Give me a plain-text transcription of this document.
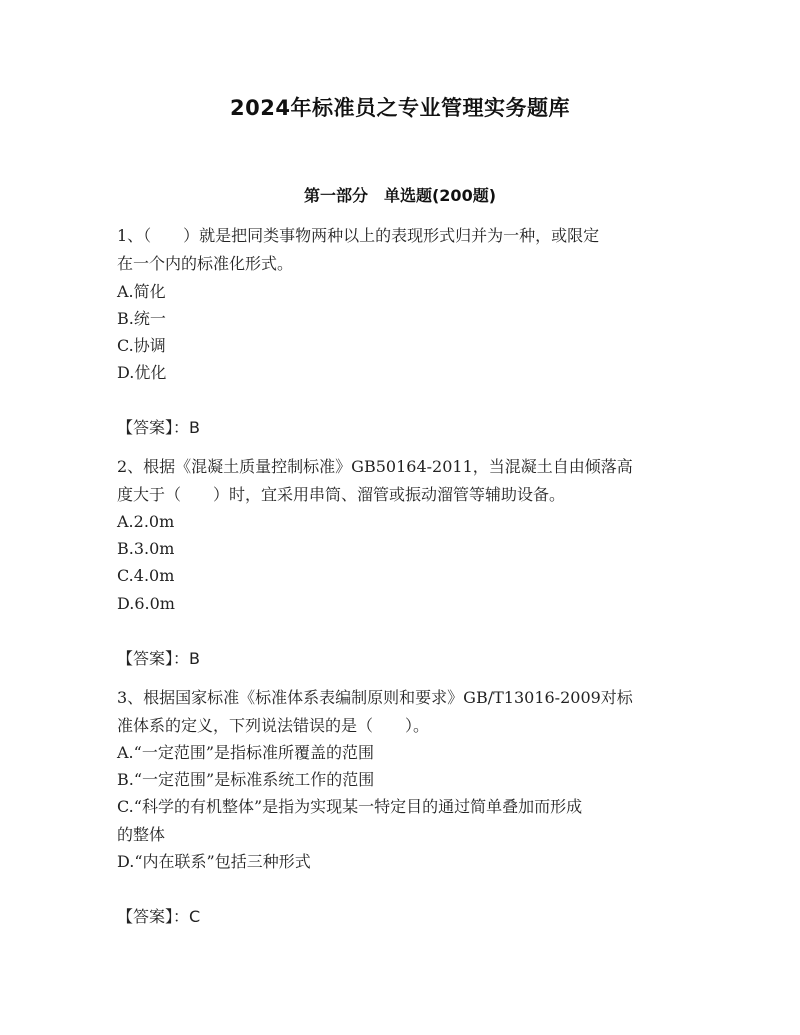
2024年标准员之专业管理实务题库
第一部分　单选题(200题)
1、（　　）就是把同类事物两种以上的表现形式归并为一种，或限定
在一个内的标准化形式。
A.简化
B.统一
C.协调
D.优化
【答案】：B
2、根据《混凝土质量控制标准》GB50164-2011，当混凝土自由倾落高
度大于（　　）时，宜采用串筒、溜管或振动溜管等辅助设备。
A.2.0m
B.3.0m
C.4.0m
D.6.0m
【答案】：B
3、根据国家标准《标准体系表编制原则和要求》GB/T13016-2009对标
准体系的定义，下列说法错误的是（　　）。
A.“一定范围”是指标准所覆盖的范围
B.“一定范围”是标准系统工作的范围
C.“科学的有机整体”是指为实现某一特定目的通过简单叠加而形成
的整体
D.“内在联系”包括三种形式
【答案】：C
